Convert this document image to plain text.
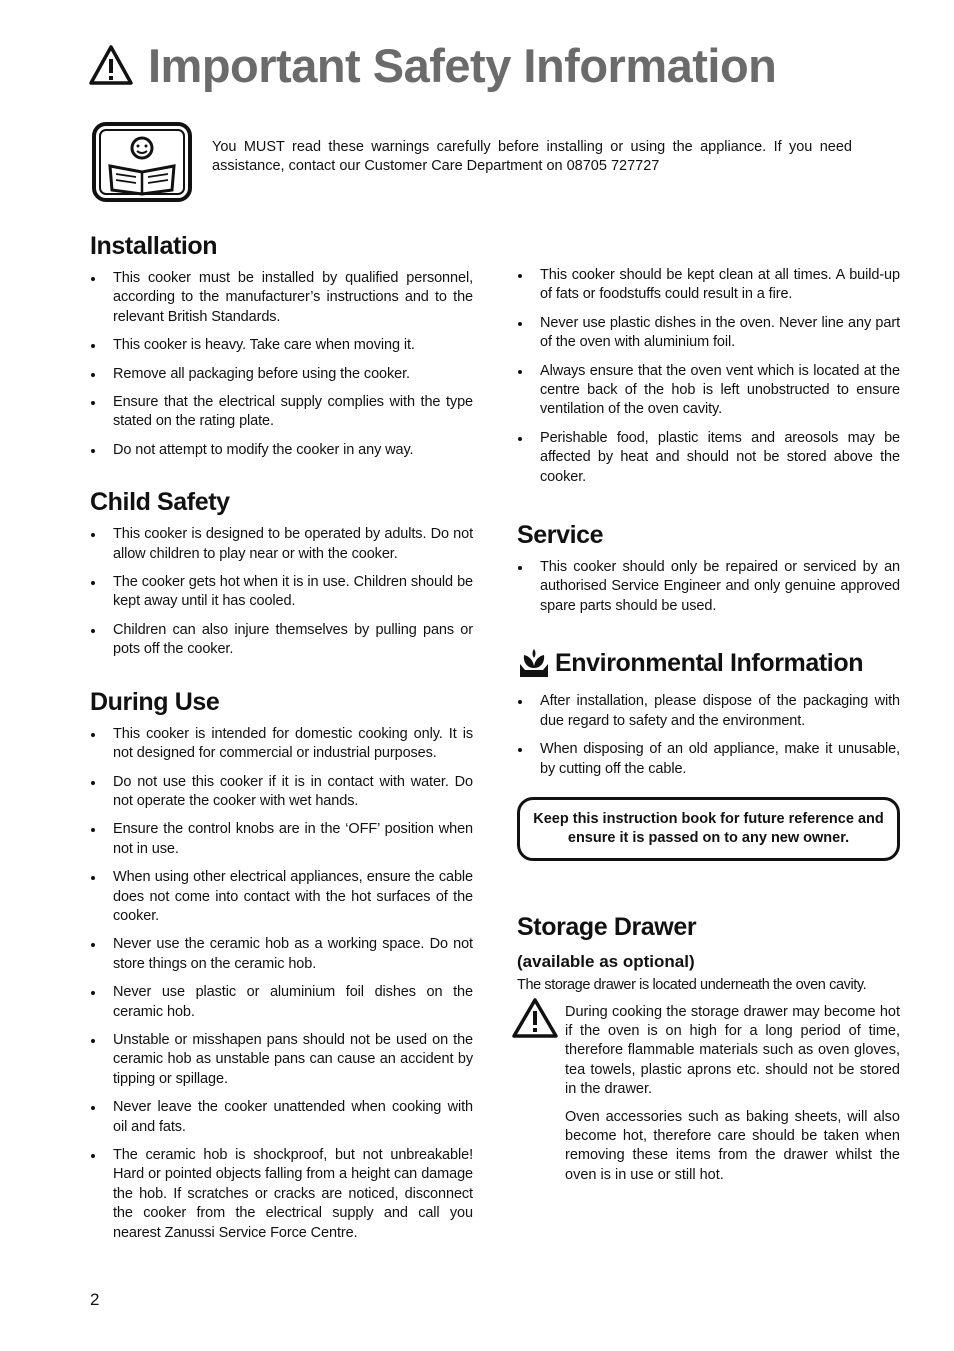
Important Safety Information
You MUST read these warnings carefully before installing or using the appliance. If you need assistance, contact our Customer Care Department on 08705 727727
Installation
This cooker must be installed by qualified personnel, according to the manufacturer’s instructions and to the relevant British Standards.
This cooker is heavy. Take care when moving it.
Remove all packaging before using the cooker.
Ensure that the electrical supply complies with the type stated on the rating plate.
Do not attempt to modify the cooker in any way.
Child Safety
This cooker is designed to be operated by adults. Do not allow children to play near or with the cooker.
The cooker gets hot when it is in use. Children should be kept away until it has cooled.
Children can also injure themselves by pulling pans or pots off the cooker.
During Use
This cooker is intended for domestic cooking only. It is not designed for commercial or industrial purposes.
Do not use this cooker if it is in contact with water. Do not operate the cooker with wet hands.
Ensure the control knobs are in the ‘OFF’ position when not in use.
When using other electrical appliances, ensure the cable does not come into contact with the hot surfaces of the cooker.
Never use the ceramic hob as a working space. Do not store things on the ceramic hob.
Never use plastic or aluminium foil dishes on the ceramic hob.
Unstable or misshapen pans should not be used on the ceramic hob as unstable pans can cause an accident by tipping or spillage.
Never leave the cooker unattended when cooking with oil and fats.
The ceramic hob is shockproof, but not unbreakable! Hard or pointed objects falling from a height can damage the hob. If scratches or cracks are noticed, disconnect the cooker from the electrical supply and call you nearest Zanussi Service Force Centre.
This cooker should be kept clean at all times. A build-up of fats or foodstuffs could result in a fire.
Never use plastic dishes in the oven. Never line any part of the oven with aluminium foil.
Always ensure that the oven vent which is located at the centre back of the hob is left unobstructed to ensure ventilation of the oven cavity.
Perishable food, plastic items and areosols may be affected by heat and should not be stored above the cooker.
Service
This cooker should only be repaired or serviced by an authorised Service Engineer and only genuine approved spare parts should be used.
Environmental Information
After installation, please dispose of the packaging with due regard to safety and the environment.
When disposing of an old appliance, make it unusable, by cutting off the cable.
Keep this instruction book for future reference and ensure it is passed on to any new owner.
Storage Drawer
(available as optional)

The storage drawer is located underneath the oven cavity.

During cooking the storage drawer may become hot if the oven is on high for a long period of time, therefore flammable materials such as oven gloves, tea towels, plastic aprons etc. should not be stored in the drawer.

Oven accessories such as baking sheets, will also become hot, therefore care should be taken when removing these items from the drawer whilst the oven is in use or still hot.

2
